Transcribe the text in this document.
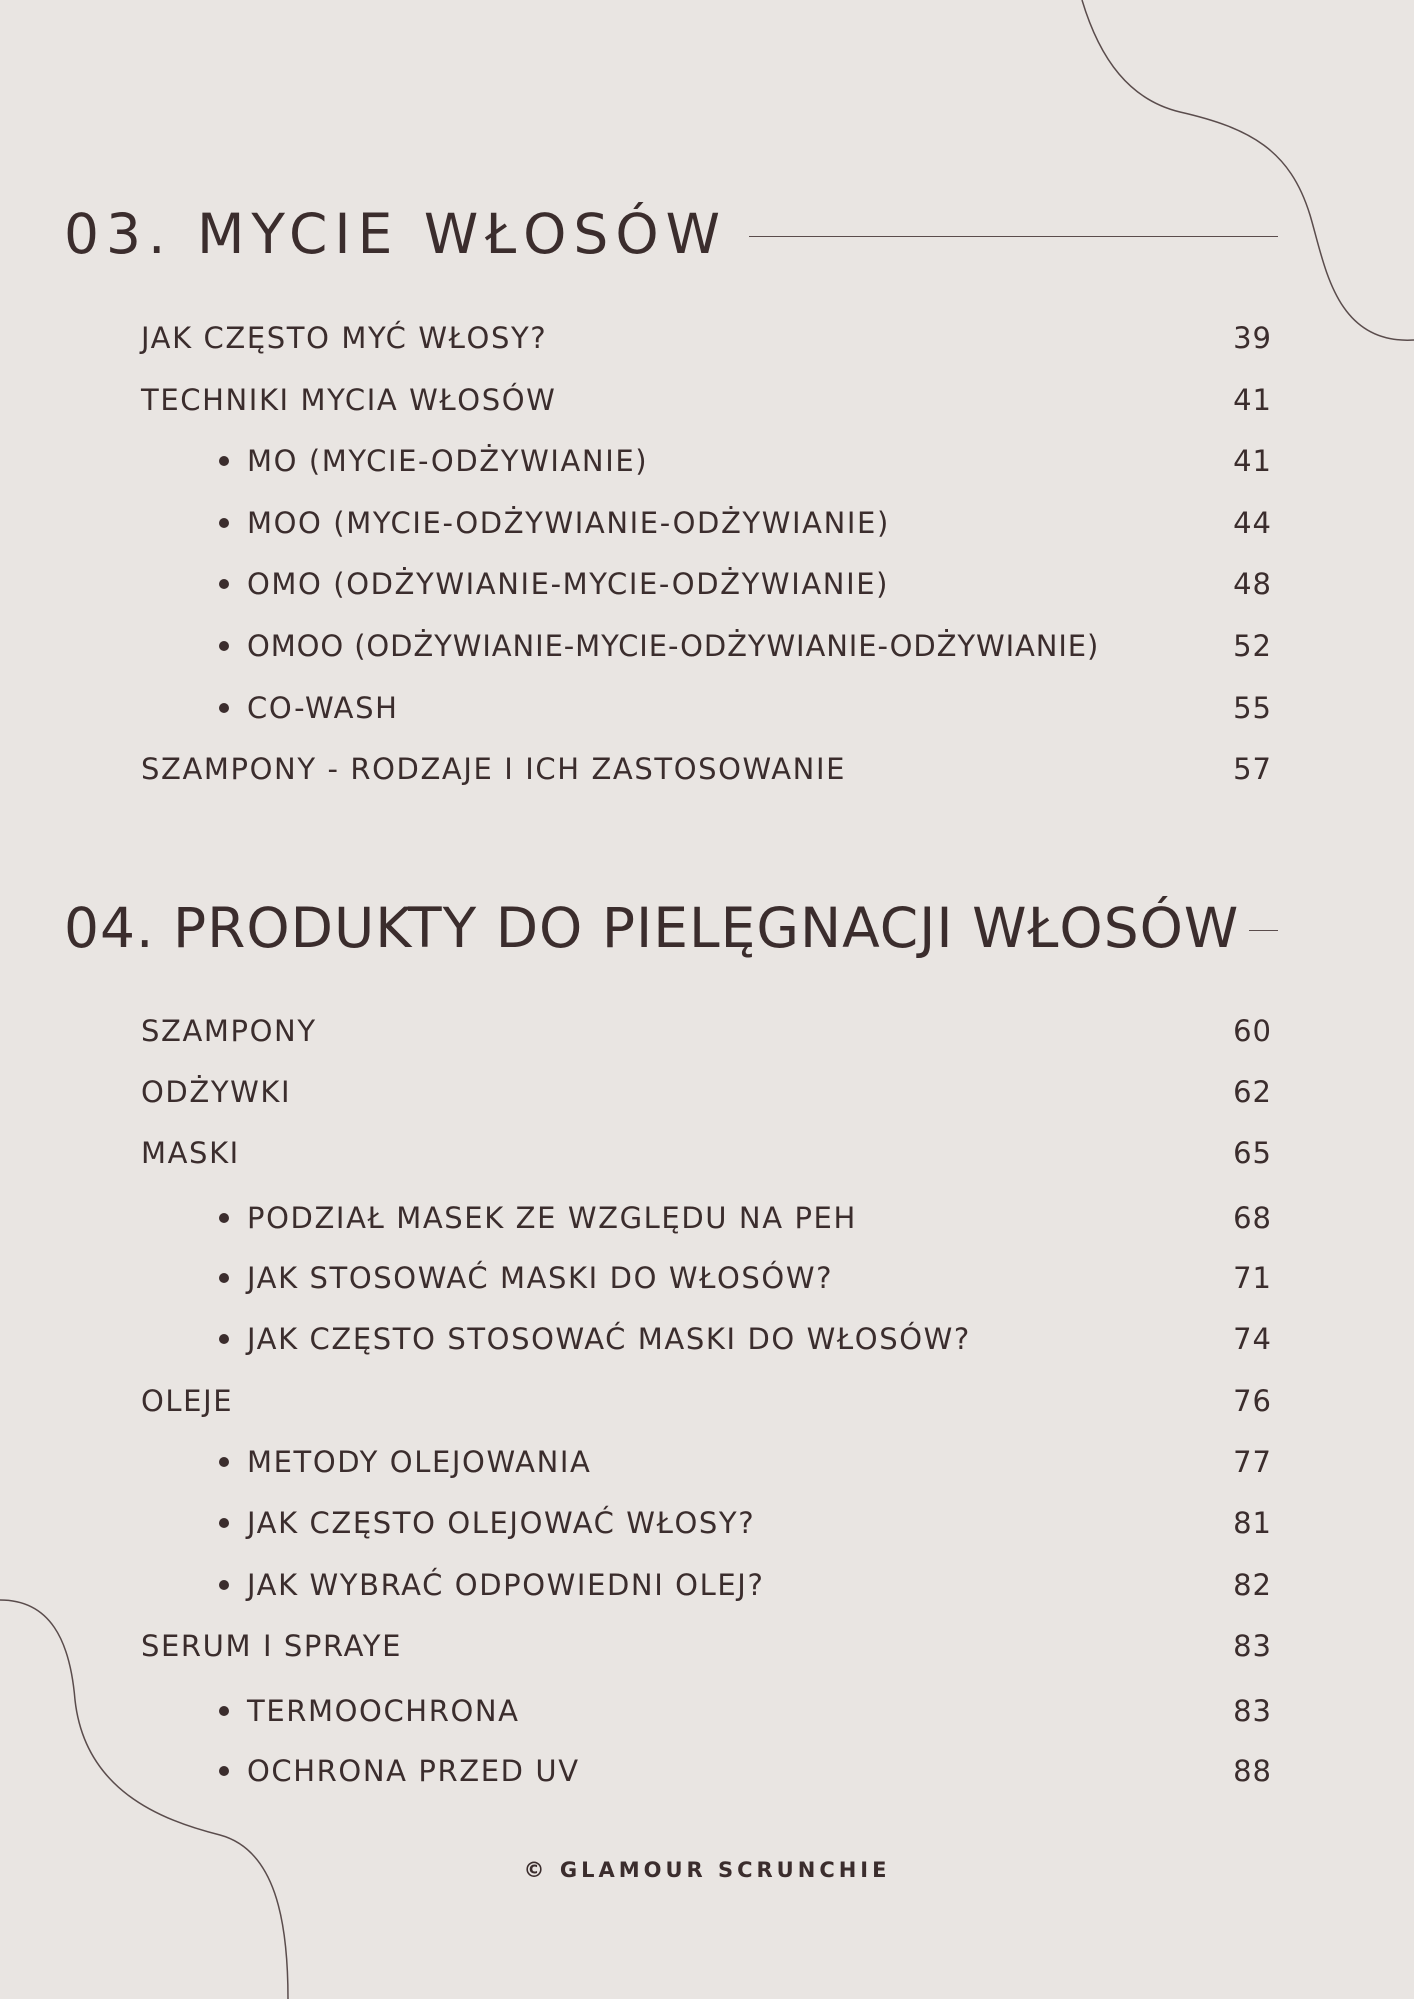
03. MYCIE WŁOSÓW
JAK CZĘSTO MYĆ WŁOSY?	39
TECHNIKI MYCIA WŁOSÓW	41
MO (MYCIE-ODŻYWIANIE)	41
MOO (MYCIE-ODŻYWIANIE-ODŻYWIANIE)	44
OMO (ODŻYWIANIE-MYCIE-ODŻYWIANIE)	48
OMOO (ODŻYWIANIE-MYCIE-ODŻYWIANIE-ODŻYWIANIE)	52
CO-WASH	55
SZAMPONY - RODZAJE I ICH ZASTOSOWANIE	57
04. PRODUKTY DO PIELĘGNACJI WŁOSÓW
SZAMPONY	60
ODŻYWKI	62
MASKI	65
PODZIAŁ MASEK ZE WZGLĘDU NA PEH	68
JAK STOSOWAĆ MASKI DO WŁOSÓW?	71
JAK CZĘSTO STOSOWAĆ MASKI DO WŁOSÓW?	74
OLEJE	76
METODY OLEJOWANIA	77
JAK CZĘSTO OLEJOWAĆ WŁOSY?	81
JAK WYBRAĆ ODPOWIEDNI OLEJ?	82
SERUM I SPRAYE	83
TERMOOCHRONA	83
OCHRONA PRZED UV	88
© GLAMOUR SCRUNCHIE
